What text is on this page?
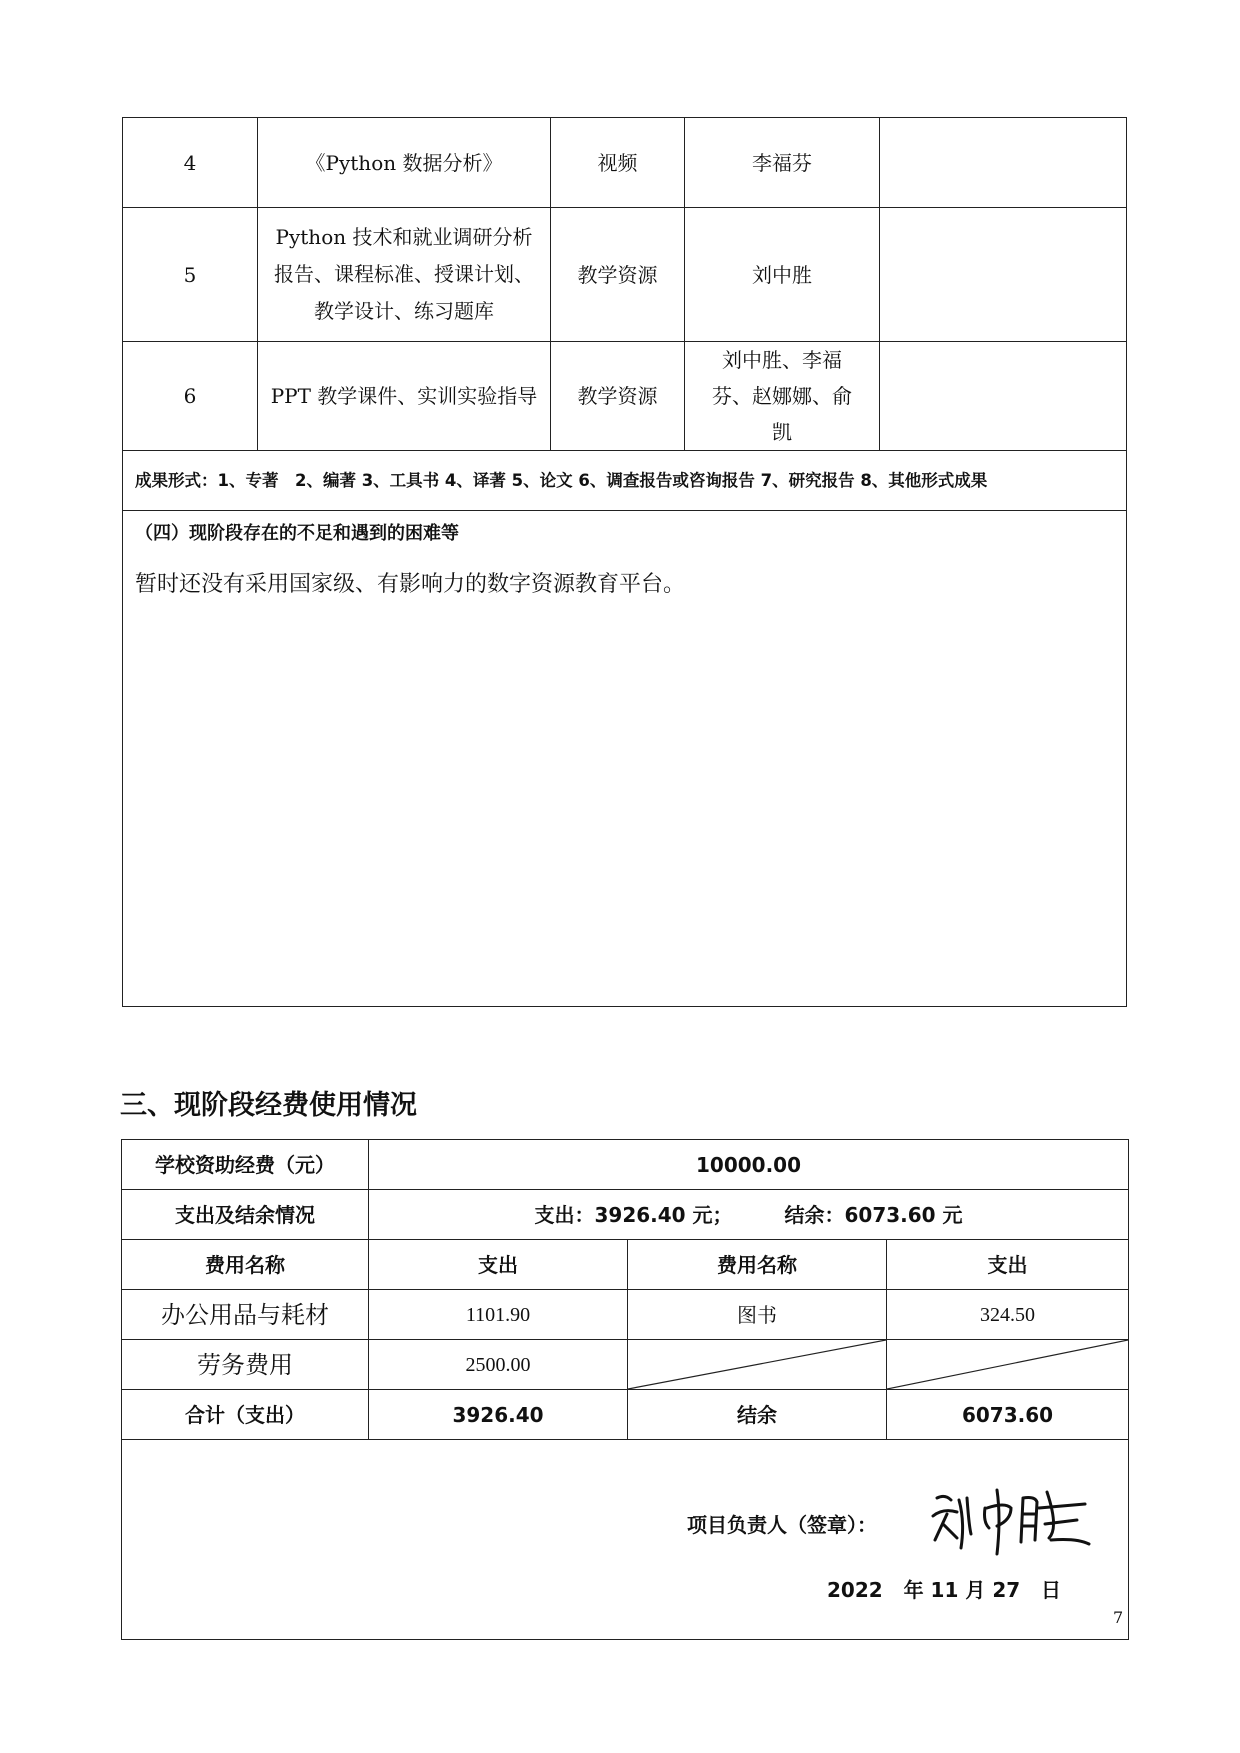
4	《Python 数据分析》	视频	李福芬	
5	Python 技术和就业调研分析报告、课程标准、授课计划、教学设计、练习题库	教学资源	刘中胜	
6	PPT 教学课件、实训实验指导	教学资源	刘中胜、李福芬、赵娜娜、俞凯	
成果形式：1、专著　2、编著 3、工具书 4、译著 5、论文 6、调查报告或咨询报告 7、研究报告 8、其他形式成果				

（四）现阶段存在的不足和遇到的困难等
暂时还没有采用国家级、有影响力的数字资源教育平台。				
三、现阶段经费使用情况
学校资助经费（元）	10000.00		
支出及结余情况	支出：3926.40 元； 结余：6073.60 元		
费用名称	支出	费用名称	支出
办公用品与耗材	1101.90	图书	324.50
劳务费用	2500.00	

合计（支出）	3926.40	结余	6073.60

项目负责人（签章）：
2022 年 11 月 27 日			
7
